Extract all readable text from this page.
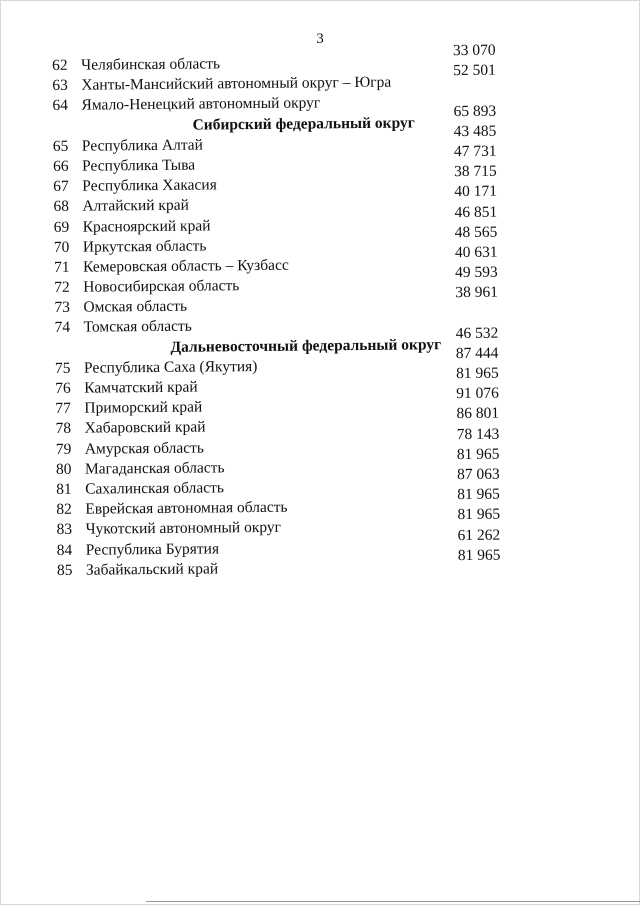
3
62 Челябинская область
33 070
63 Ханты-Мансийский автономный округ – Югра
52 501
64 Ямало-Ненецкий автономный округ
Сибирский федеральный округ
65 893
65 Республика Алтай
43 485
66 Республика Тыва
47 731
67 Республика Хакасия
38 715
68 Алтайский край
40 171
69 Красноярский край
46 851
70 Иркутская область
48 565
71 Кемеровская область – Кузбасс
40 631
72 Новосибирская область
49 593
73 Омская область
38 961
74 Томская область
Дальневосточный федеральный округ
46 532
75 Республика Саха (Якутия)
87 444
76 Камчатский край
81 965
77 Приморский край
91 076
78 Хабаровский край
86 801
79 Амурская область
78 143
80 Магаданская область
81 965
81 Сахалинская область
87 063
82 Еврейская автономная область
81 965
83 Чукотский автономный округ
81 965
84 Республика Бурятия
61 262
85 Забайкальский край
81 965
